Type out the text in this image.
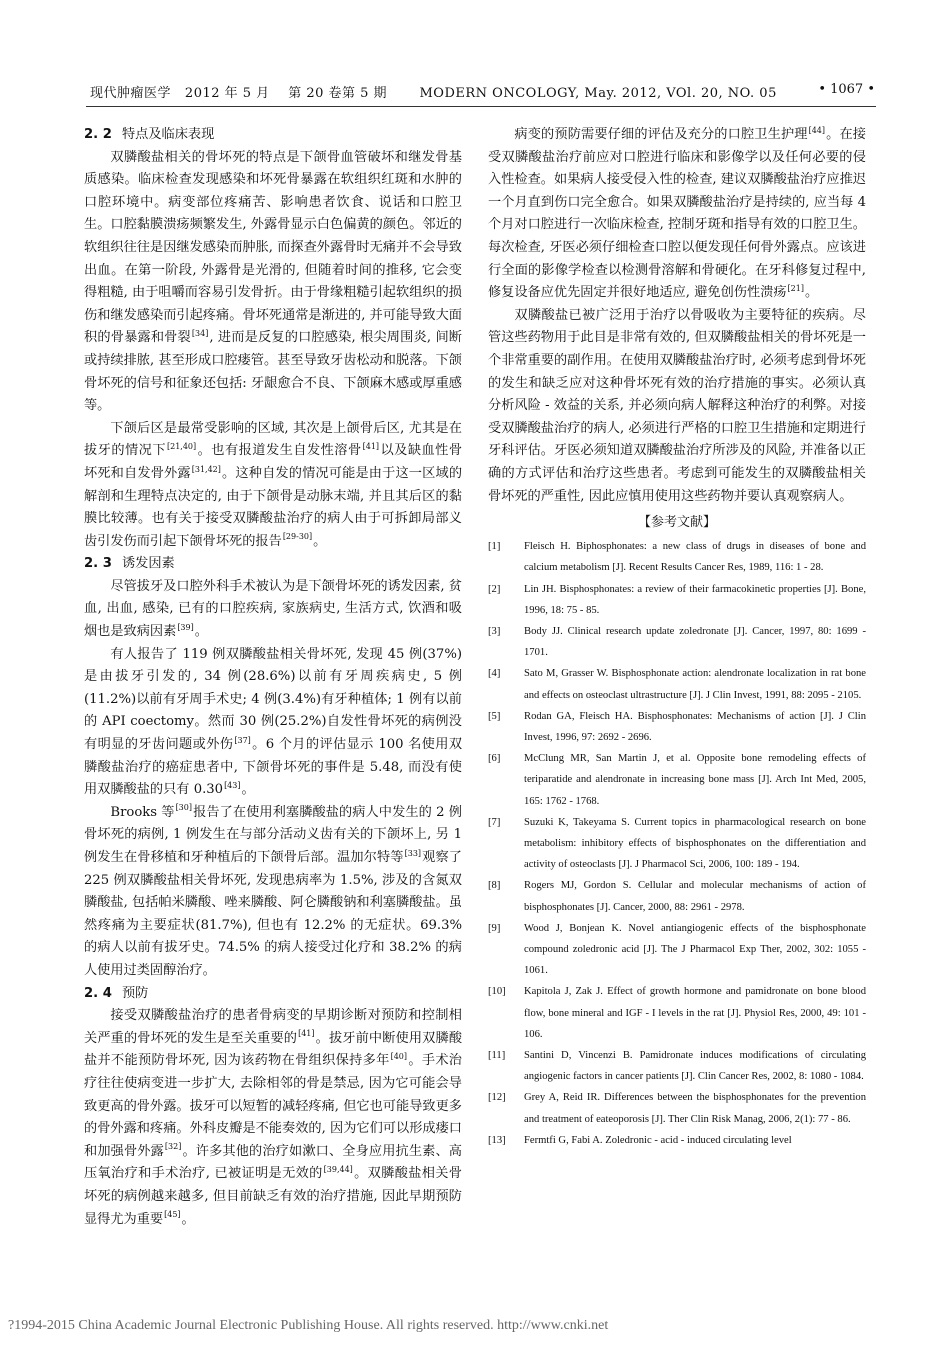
现代肿瘤医学 2012 年 5 月 第 20 卷第 5 期 MODERN ONCOLOGY, May. 2012, VOl. 20, NO. 05	• 1067 •
2. 2 特点及临床表现

双膦酸盐相关的骨坏死的特点是下颌骨血管破坏和继发骨基质感染。临床检查发现感染和坏死骨暴露在软组织红斑和水肿的口腔环境中。病变部位疼痛苦、影响患者饮食、说话和口腔卫生。口腔黏膜溃疡频繁发生, 外露骨显示白色偏黄的颜色。邻近的软组织往往是因继发感染而肿胀, 而探查外露骨时无痛并不会导致出血。在第一阶段, 外露骨是光滑的, 但随着时间的推移, 它会变得粗糙, 由于咀嚼而容易引发骨折。由于骨缘粗糙引起软组织的损伤和继发感染而引起疼痛。骨坏死通常是渐进的, 并可能导致大面积的骨暴露和骨裂[34], 进而是反复的口腔感染, 根尖周围炎, 间断或持续排脓, 甚至形成口腔瘘管。甚至导致牙齿松动和脱落。下颌骨坏死的信号和征象还包括: 牙龈愈合不良、下颌麻木感或厚重感等。

下颌后区是最常受影响的区域, 其次是上颌骨后区, 尤其是在拔牙的情况下[21,40]。也有报道发生自发性溶骨[41]以及缺血性骨坏死和自发骨外露[31,42]。这种自发的情况可能是由于这一区域的解剖和生理特点决定的, 由于下颌骨是动脉末端, 并且其后区的黏膜比较薄。也有关于接受双膦酸盐治疗的病人由于可拆卸局部义齿引发伤而引起下颌骨坏死的报告[29-30]。

2. 3 诱发因素

尽管拔牙及口腔外科手术被认为是下颌骨坏死的诱发因素, 贫血, 出血, 感染, 已有的口腔疾病, 家族病史, 生活方式, 饮酒和吸烟也是致病因素[39]。

有人报告了 119 例双膦酸盐相关骨坏死, 发现 45 例(37%)是由拔牙引发的, 34 例(28.6%)以前有牙周疾病史, 5 例(11.2%)以前有牙周手术史; 4 例(3.4%)有牙种植体; 1 例有以前的 API coectomy。然而 30 例(25.2%)自发性骨坏死的病例没有明显的牙齿问题或外伤[37]。6 个月的评估显示 100 名使用双膦酸盐治疗的癌症患者中, 下颌骨坏死的事件是 5.48, 而没有使用双膦酸盐的只有 0.30[43]。

Brooks 等[30]报告了在使用利塞膦酸盐的病人中发生的 2 例骨坏死的病例, 1 例发生在与部分活动义齿有关的下颌坏上, 另 1 例发生在骨移植和牙种植后的下颌骨后部。温加尔特等[33]观察了 225 例双膦酸盐相关骨坏死, 发现患病率为 1.5%, 涉及的含氮双膦酸盐, 包括帕米膦酸、唑来膦酸、阿仑膦酸钠和利塞膦酸盐。虽然疼痛为主要症状(81.7%), 但也有 12.2% 的无症状。69.3% 的病人以前有拔牙史。74.5% 的病人接受过化疗和 38.2% 的病人使用过类固醇治疗。

2. 4 预防

接受双膦酸盐治疗的患者骨病变的早期诊断对预防和控制相关严重的骨坏死的发生是至关重要的[41]。拔牙前中断使用双膦酸盐并不能预防骨坏死, 因为该药物在骨组织保持多年[40]。手术治疗往往使病变进一步扩大, 去除相邻的骨是禁忌, 因为它可能会导致更高的骨外露。拔牙可以短暂的减轻疼痛, 但它也可能导致更多的骨外露和疼痛。外科皮瓣是不能奏效的, 因为它们可以形成瘘口和加强骨外露[32]。许多其他的治疗如漱口、全身应用抗生素、高压氧治疗和手术治疗, 已被证明是无效的[39,44]。双膦酸盐相关骨坏死的病例越来越多, 但目前缺乏有效的治疗措施, 因此早期预防显得尤为重要[45]。

病变的预防需要仔细的评估及充分的口腔卫生护理[44]。在接受双膦酸盐治疗前应对口腔进行临床和影像学以及任何必要的侵入性检查。如果病人接受侵入性的检查, 建议双膦酸盐治疗应推迟一个月直到伤口完全愈合。如果双膦酸盐治疗是持续的, 应当每 4 个月对口腔进行一次临床检查, 控制牙斑和指导有效的口腔卫生。每次检查, 牙医必须仔细检查口腔以便发现任何骨外露点。应该进行全面的影像学检查以检测骨溶解和骨硬化。在牙科修复过程中, 修复设备应优先固定并很好地适应, 避免创伤性溃疡[21]。

双膦酸盐已被广泛用于治疗以骨吸收为主要特征的疾病。尽管这些药物用于此目是非常有效的, 但双膦酸盐相关的骨坏死是一个非常重要的副作用。在使用双膦酸盐治疗时, 必须考虑到骨坏死的发生和缺乏应对这种骨坏死有效的治疗措施的事实。必须认真分析风险 - 效益的关系, 并必须向病人解释这种治疗的利弊。对接受双膦酸盐治疗的病人, 必须进行严格的口腔卫生措施和定期进行牙科评估。牙医必须知道双膦酸盐治疗所涉及的风险, 并准备以正确的方式评估和治疗这些患者。考虑到可能发生的双膦酸盐相关骨坏死的严重性, 因此应慎用使用这些药物并要认真观察病人。

【参考文献】
[1] Fleisch H. Biphosphonates: a new class of drugs in diseases of bone and calcium metabolism [J]. Recent Results Cancer Res, 1989, 116: 1 - 28.
[2] Lin JH. Bisphosphonates: a review of their farmacokinetic properties [J]. Bone, 1996, 18: 75 - 85.
[3] Body JJ. Clinical research update zoledronate [J]. Cancer, 1997, 80: 1699 - 1701.
[4] Sato M, Grasser W. Bisphosphonate action: alendronate localization in rat bone and effects on osteoclast ultrastructure [J]. J Clin Invest, 1991, 88: 2095 - 2105.
[5] Rodan GA, Fleisch HA. Bisphosphonates: Mechanisms of action [J]. J Clin Invest, 1996, 97: 2692 - 2696.
[6] McClung MR, San Martin J, et al. Opposite bone remodeling effects of teriparatide and alendronate in increasing bone mass [J]. Arch Int Med, 2005, 165: 1762 - 1768.
[7] Suzuki K, Takeyama S. Current topics in pharmacological research on bone metabolism: inhibitory effects of bisphosphonates on the differentiation and activity of osteoclasts [J]. J Pharmacol Sci, 2006, 100: 189 - 194.
[8] Rogers MJ, Gordon S. Cellular and molecular mechanisms of action of bisphosphonates [J]. Cancer, 2000, 88: 2961 - 2978.
[9] Wood J, Bonjean K. Novel antiangiogenic effects of the bisphosphonate compound zoledronic acid [J]. The J Pharmacol Exp Ther, 2002, 302: 1055 - 1061.
[10] Kapitola J, Zak J. Effect of growth hormone and pamidronate on bone blood flow, bone mineral and IGF - I levels in the rat [J]. Physiol Res, 2000, 49: 101 - 106.
[11] Santini D, Vincenzi B. Pamidronate induces modifications of circulating angiogenic factors in cancer patients [J]. Clin Cancer Res, 2002, 8: 1080 - 1084.
[12] Grey A, Reid IR. Differences between the bisphosphonates for the prevention and treatment of eateoporosis [J]. Ther Clin Risk Manag, 2006, 2(1): 77 - 86.
[13] Fermtfi G, Fabi A. Zoledronic - acid - induced circulating level
?1994-2015 China Academic Journal Electronic Publishing House. All rights reserved. http://www.cnki.net
